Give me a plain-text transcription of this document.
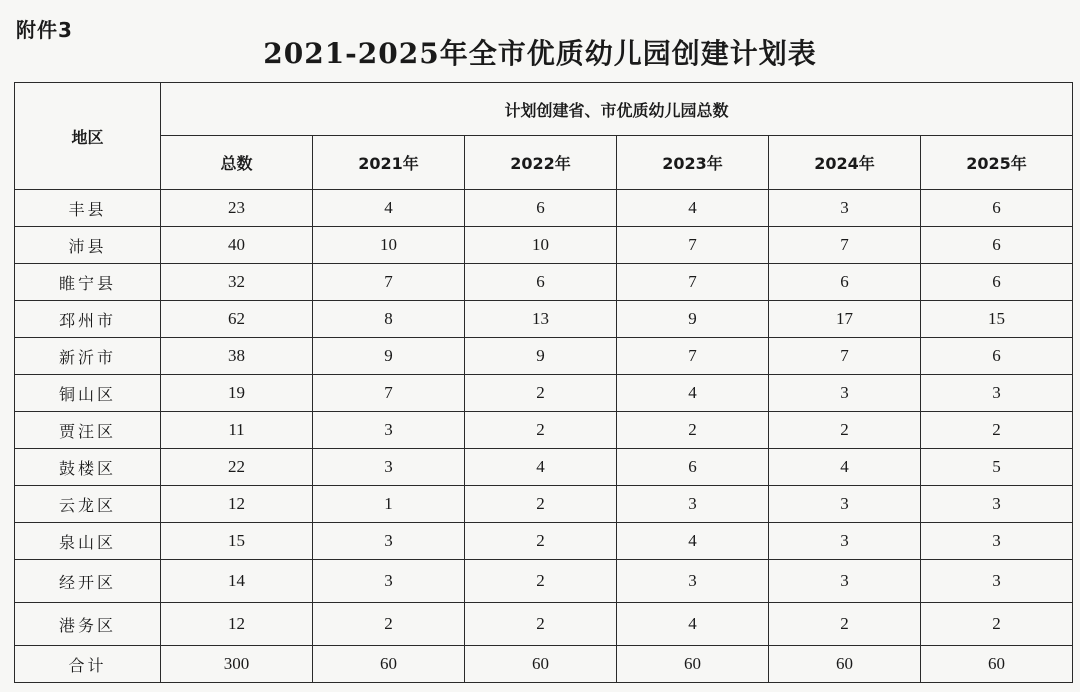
附件3
2021-2025年全市优质幼儿园创建计划表
地区	计划创建省、市优质幼儿园总数					
	总数	2021年	2022年	2023年	2024年	2025年
丰县	23	4	6	4	3	6
沛县	40	10	10	7	7	6
睢宁县	32	7	6	7	6	6
邳州市	62	8	13	9	17	15
新沂市	38	9	9	7	7	6
铜山区	19	7	2	4	3	3
贾汪区	11	3	2	2	2	2
鼓楼区	22	3	4	6	4	5
云龙区	12	1	2	3	3	3
泉山区	15	3	2	4	3	3
经开区	14	3	2	3	3	3
港务区	12	2	2	4	2	2
合计	300	60	60	60	60	60
